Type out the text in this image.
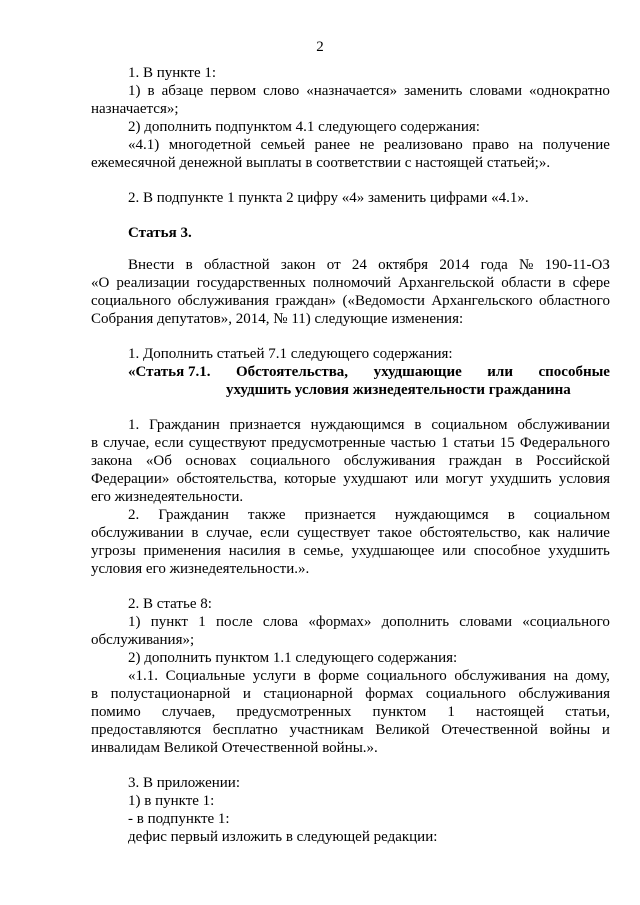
2
1. В пункте 1:
1) в абзаце первом слово «назначается» заменить словами «однократно
назначается»;
2) дополнить подпунктом 4.1 следующего содержания:
«4.1) многодетной семьей ранее не реализовано право на получение
ежемесячной денежной выплаты в соответствии с настоящей статьей;».
2. В подпункте 1 пункта 2 цифру «4» заменить цифрами «4.1».
Статья 3.
Внести в областной закон от 24 октября 2014 года № 190-11-ОЗ
«О реализации государственных полномочий Архангельской области в сфере
социального обслуживания граждан» («Ведомости Архангельского областного
Собрания депутатов», 2014, № 11) следующие изменения:
1. Дополнить статьей 7.1 следующего содержания:
«Статья 7.1. Обстоятельства, ухудшающие или способные
ухудшить условия жизнедеятельности гражданина
1. Гражданин признается нуждающимся в социальном обслуживании
в случае, если существуют предусмотренные частью 1 статьи 15 Федерального
закона «Об основах социального обслуживания граждан в Российской
Федерации» обстоятельства, которые ухудшают или могут ухудшить условия
его жизнедеятельности.
2. Гражданин также признается нуждающимся в социальном
обслуживании в случае, если существует такое обстоятельство, как наличие
угрозы применения насилия в семье, ухудшающее или способное ухудшить
условия его жизнедеятельности.».
2. В статье 8:
1) пункт 1 после слова «формах» дополнить словами «социального
обслуживания»;
2) дополнить пунктом 1.1 следующего содержания:
«1.1. Социальные услуги в форме социального обслуживания на дому,
в полустационарной и стационарной формах социального обслуживания
помимо случаев, предусмотренных пунктом 1 настоящей статьи,
предоставляются бесплатно участникам Великой Отечественной войны и
инвалидам Великой Отечественной войны.».
3. В приложении:
1) в пункте 1:
- в подпункте 1:
дефис первый изложить в следующей редакции:
